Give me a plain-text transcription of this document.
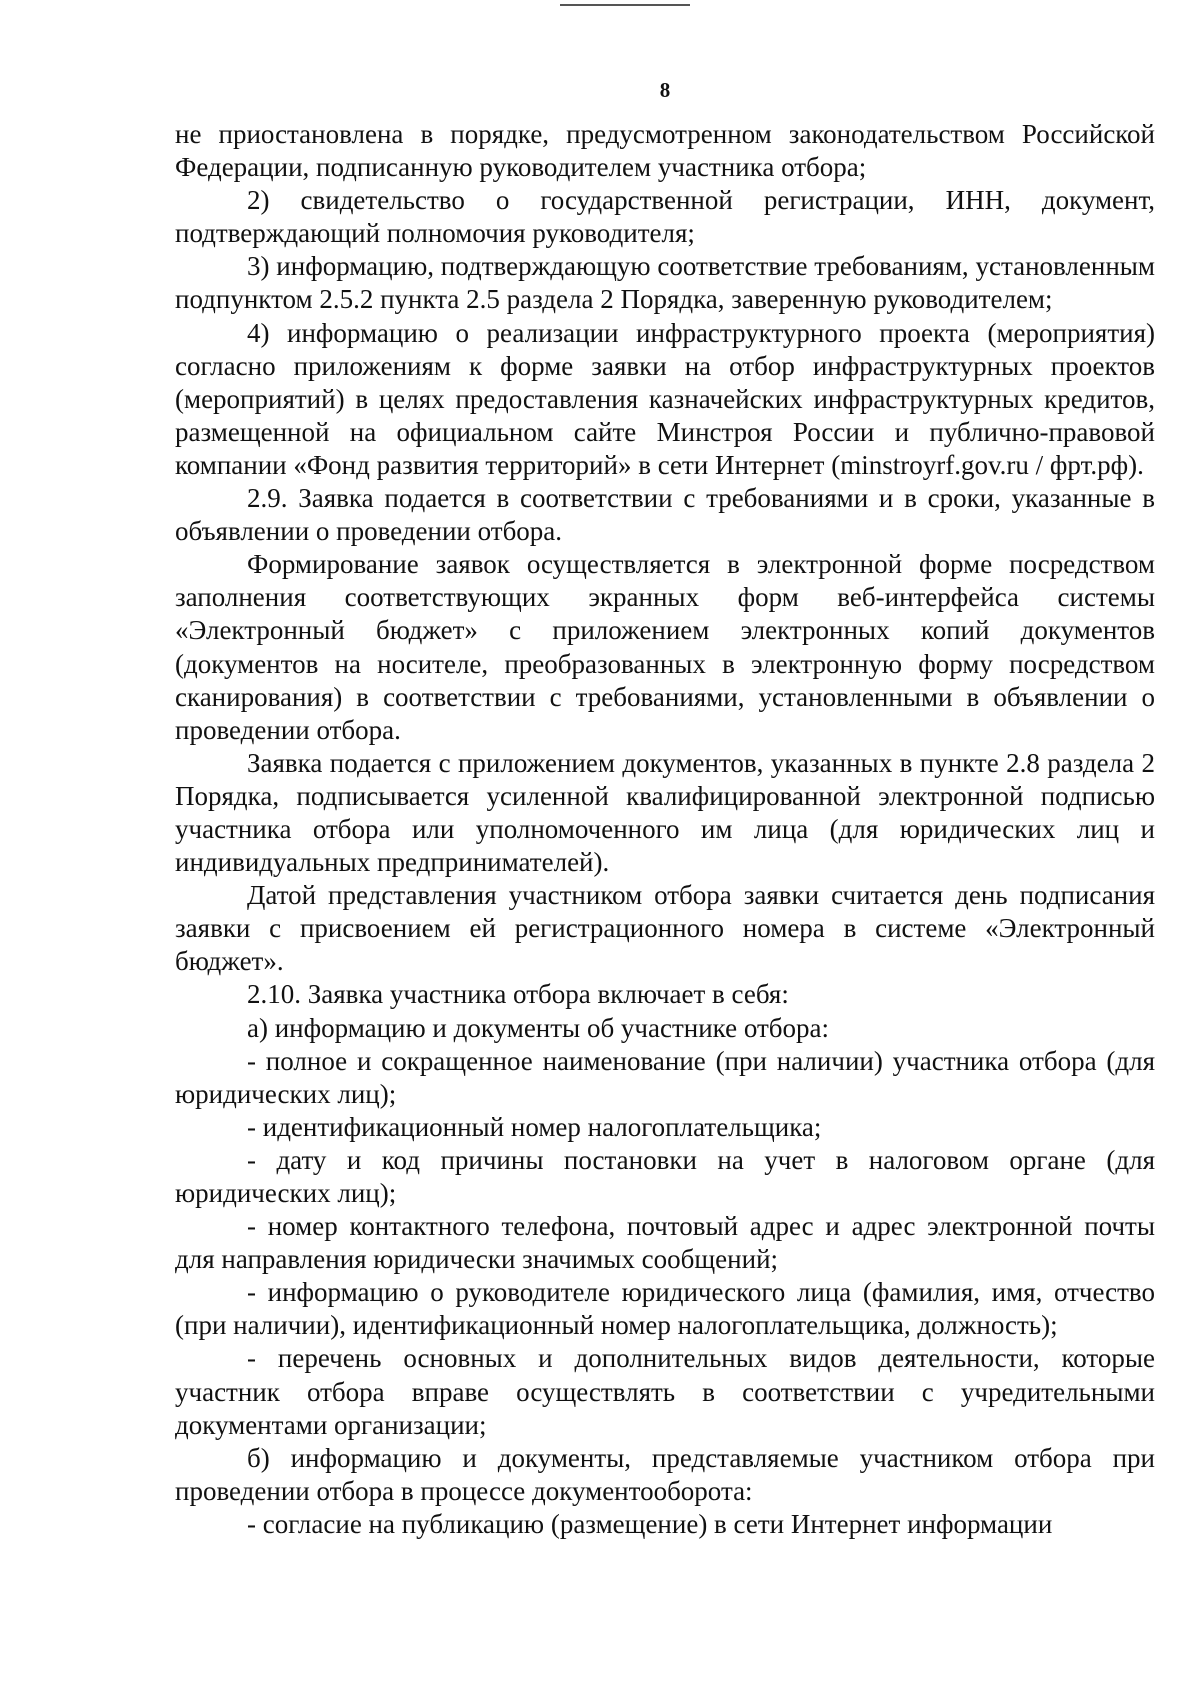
8

не приостановлена в порядке, предусмотренном законодательством Российской Федерации, подписанную руководителем участника отбора;

2) свидетельство о государственной регистрации, ИНН, документ, подтверждающий полномочия руководителя;

3) информацию, подтверждающую соответствие требованиям, установленным подпунктом 2.5.2 пункта 2.5 раздела 2 Порядка, заверенную руководителем;

4) информацию о реализации инфраструктурного проекта (мероприятия) согласно приложениям к форме заявки на отбор инфраструктурных проектов (мероприятий) в целях предоставления казначейских инфраструктурных кредитов, размещенной на официальном сайте Минстроя России и публично-правовой компании «Фонд развития территорий» в сети Интернет (minstroyrf.gov.ru / фрт.рф).

2.9. Заявка подается в соответствии с требованиями и в сроки, указанные в объявлении о проведении отбора.

Формирование заявок осуществляется в электронной форме посредством заполнения соответствующих экранных форм веб-интерфейса системы «Электронный бюджет» с приложением электронных копий документов (документов на носителе, преобразованных в электронную форму посредством сканирования) в соответствии с требованиями, установленными в объявлении о проведении отбора.

Заявка подается с приложением документов, указанных в пункте 2.8 раздела 2 Порядка, подписывается усиленной квалифицированной электронной подписью участника отбора или уполномоченного им лица (для юридических лиц и индивидуальных предпринимателей).

Датой представления участником отбора заявки считается день подписания заявки с присвоением ей регистрационного номера в системе «Электронный бюджет».

2.10. Заявка участника отбора включает в себя:

а) информацию и документы об участнике отбора:

- полное и сокращенное наименование (при наличии) участника отбора (для юридических лиц);

- идентификационный номер налогоплательщика;

- дату и код причины постановки на учет в налоговом органе (для юридических лиц);

- номер контактного телефона, почтовый адрес и адрес электронной почты для направления юридически значимых сообщений;

- информацию о руководителе юридического лица (фамилия, имя, отчество (при наличии), идентификационный номер налогоплательщика, должность);

- перечень основных и дополнительных видов деятельности, которые участник отбора вправе осуществлять в соответствии с учредительными документами организации;

б) информацию и документы, представляемые участником отбора при проведении отбора в процессе документооборота:

- согласие на публикацию (размещение) в сети Интернет информации
